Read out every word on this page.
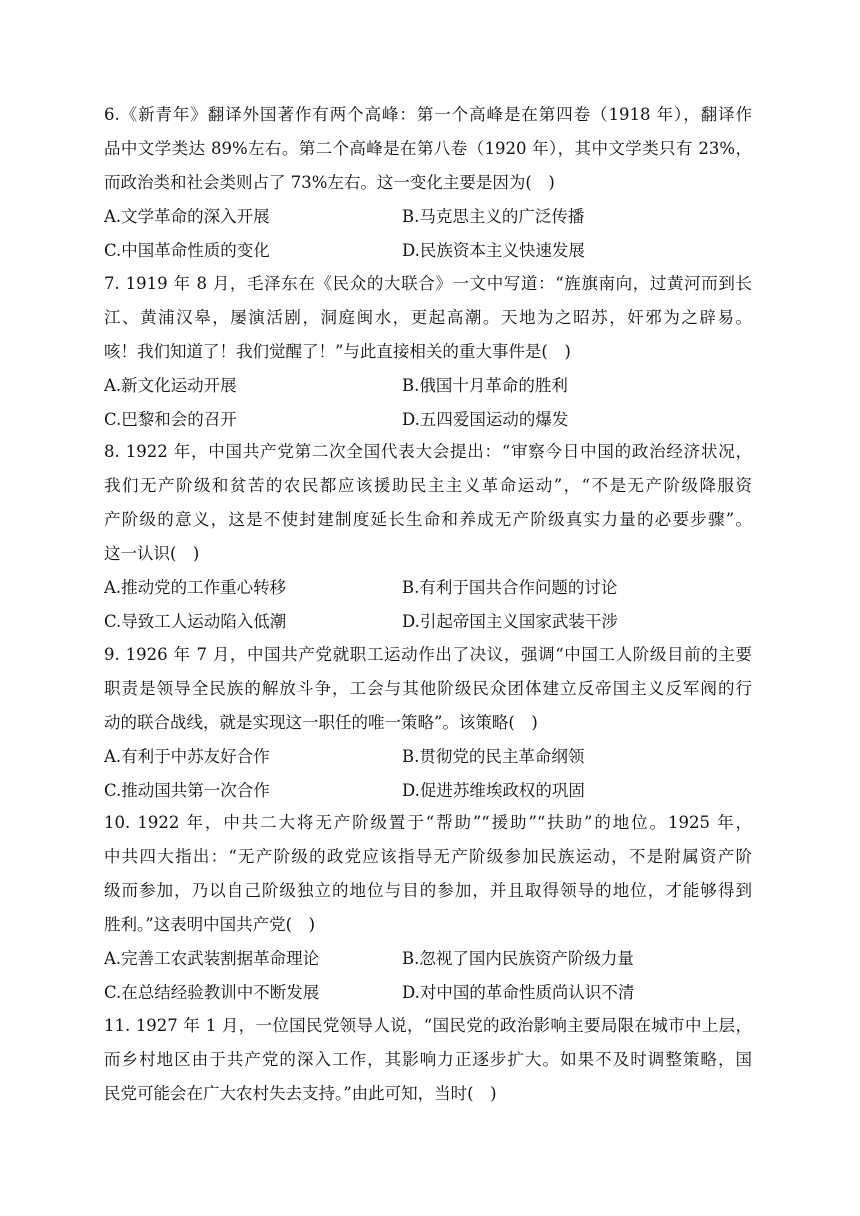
6.《新青年》翻译外国著作有两个高峰：第一个高峰是在第四卷（1918 年），翻译作
品中文学类达 89%左右。第二个高峰是在第八卷（1920 年），其中文学类只有 23%，
而政治类和社会类则占了 73%左右。这一变化主要是因为(　)
A.文学革命的深入开展	B.马克思主义的广泛传播
C.中国革命性质的变化	D.民族资本主义快速发展
7. 1919 年 8 月，毛泽东在《民众的大联合》一文中写道：“旌旗南向，过黄河而到长
江、黄浦汉皋，屡演活剧，洞庭闽水，更起高潮。天地为之昭苏，奸邪为之辟易。
咳！我们知道了！我们觉醒了！”与此直接相关的重大事件是(　)
A.新文化运动开展	B.俄国十月革命的胜利
C.巴黎和会的召开	D.五四爱国运动的爆发
8. 1922 年，中国共产党第二次全国代表大会提出：“审察今日中国的政治经济状况，
我们无产阶级和贫苦的农民都应该援助民主主义革命运动”，“不是无产阶级降服资
产阶级的意义，这是不使封建制度延长生命和养成无产阶级真实力量的必要步骤”。
这一认识(　)
A.推动党的工作重心转移	B.有利于国共合作问题的讨论
C.导致工人运动陷入低潮	D.引起帝国主义国家武装干涉
9. 1926 年 7 月，中国共产党就职工运动作出了决议，强调“中国工人阶级目前的主要
职责是领导全民族的解放斗争，工会与其他阶级民众团体建立反帝国主义反军阀的行
动的联合战线，就是实现这一职任的唯一策略”。该策略(　)
A.有利于中苏友好合作	B.贯彻党的民主革命纲领
C.推动国共第一次合作	D.促进苏维埃政权的巩固
10. 1922 年，中共二大将无产阶级置于“帮助”“援助”“扶助”的地位。1925 年，
中共四大指出：“无产阶级的政党应该指导无产阶级参加民族运动，不是附属资产阶
级而参加，乃以自己阶级独立的地位与目的参加，并且取得领导的地位，才能够得到
胜利。”这表明中国共产党(　)
A.完善工农武装割据革命理论	B.忽视了国内民族资产阶级力量
C.在总结经验教训中不断发展	D.对中国的革命性质尚认识不清
11. 1927 年 1 月，一位国民党领导人说，“国民党的政治影响主要局限在城市中上层，
而乡村地区由于共产党的深入工作，其影响力正逐步扩大。如果不及时调整策略，国
民党可能会在广大农村失去支持。”由此可知，当时(　)
